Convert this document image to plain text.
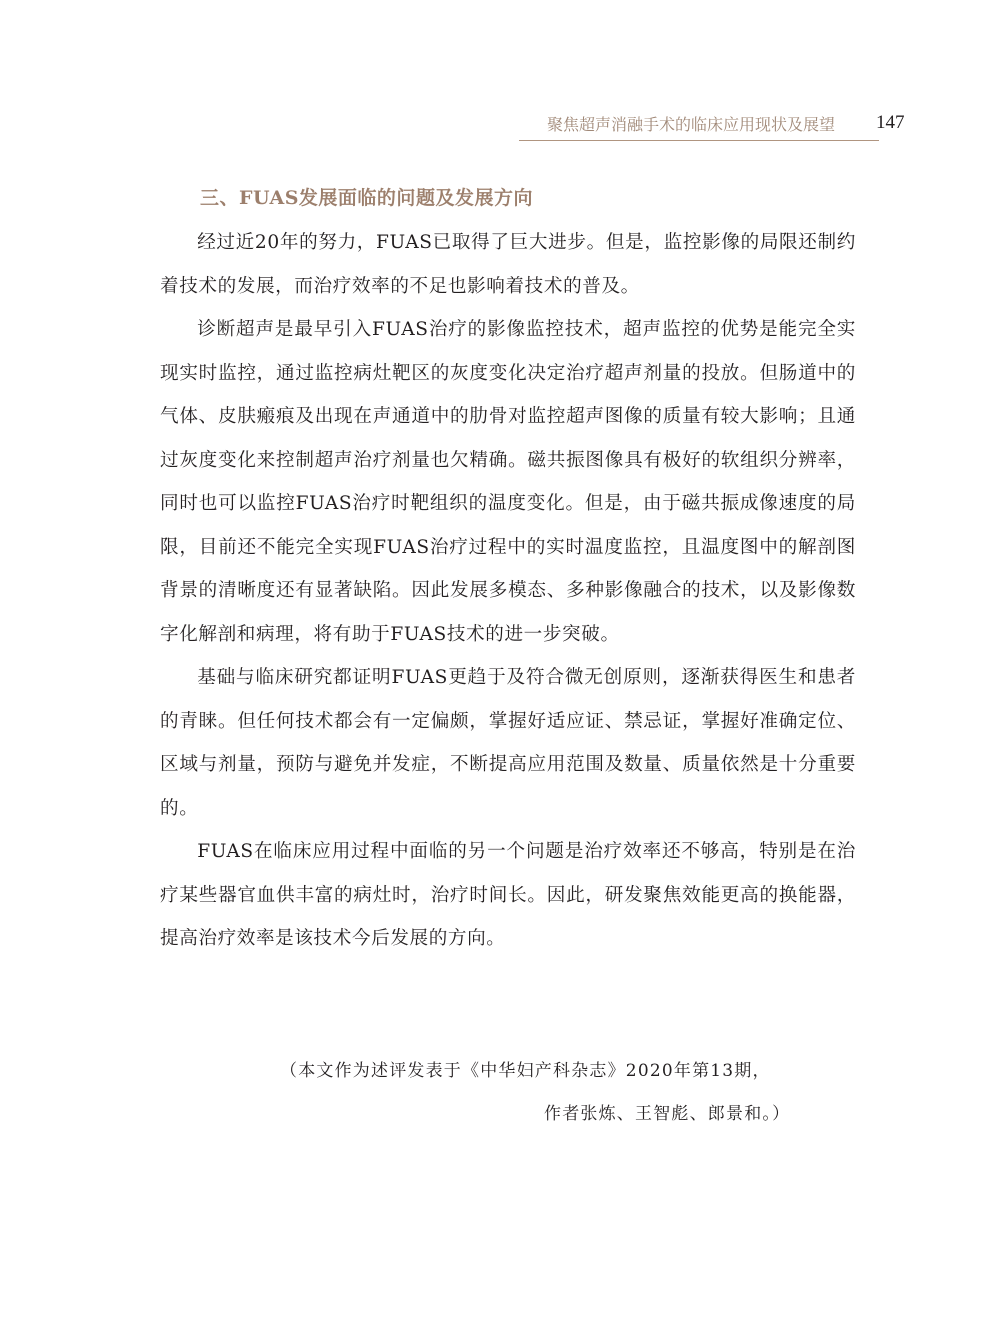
聚焦超声消融手术的临床应用现状及展望 147
三、FUAS发展面临的问题及发展方向

经过近20年的努力，FUAS已取得了巨大进步。但是，监控影像的局限还制约着技术的发展，而治疗效率的不足也影响着技术的普及。

诊断超声是最早引入FUAS治疗的影像监控技术，超声监控的优势是能完全实现实时监控，通过监控病灶靶区的灰度变化决定治疗超声剂量的投放。但肠道中的气体、皮肤瘢痕及出现在声通道中的肋骨对监控超声图像的质量有较大影响；且通过灰度变化来控制超声治疗剂量也欠精确。磁共振图像具有极好的软组织分辨率，同时也可以监控FUAS治疗时靶组织的温度变化。但是，由于磁共振成像速度的局限，目前还不能完全实现FUAS治疗过程中的实时温度监控，且温度图中的解剖图背景的清晰度还有显著缺陷。因此发展多模态、多种影像融合的技术，以及影像数字化解剖和病理，将有助于FUAS技术的进一步突破。

基础与临床研究都证明FUAS更趋于及符合微无创原则，逐渐获得医生和患者的青睐。但任何技术都会有一定偏颇，掌握好适应证、禁忌证，掌握好准确定位、区域与剂量，预防与避免并发症，不断提高应用范围及数量、质量依然是十分重要的。

FUAS在临床应用过程中面临的另一个问题是治疗效率还不够高，特别是在治疗某些器官血供丰富的病灶时，治疗时间长。因此，研发聚焦效能更高的换能器，提高治疗效率是该技术今后发展的方向。

（本文作为述评发表于《中华妇产科杂志》2020年第13期，
作者张炼、王智彪、郎景和。）
